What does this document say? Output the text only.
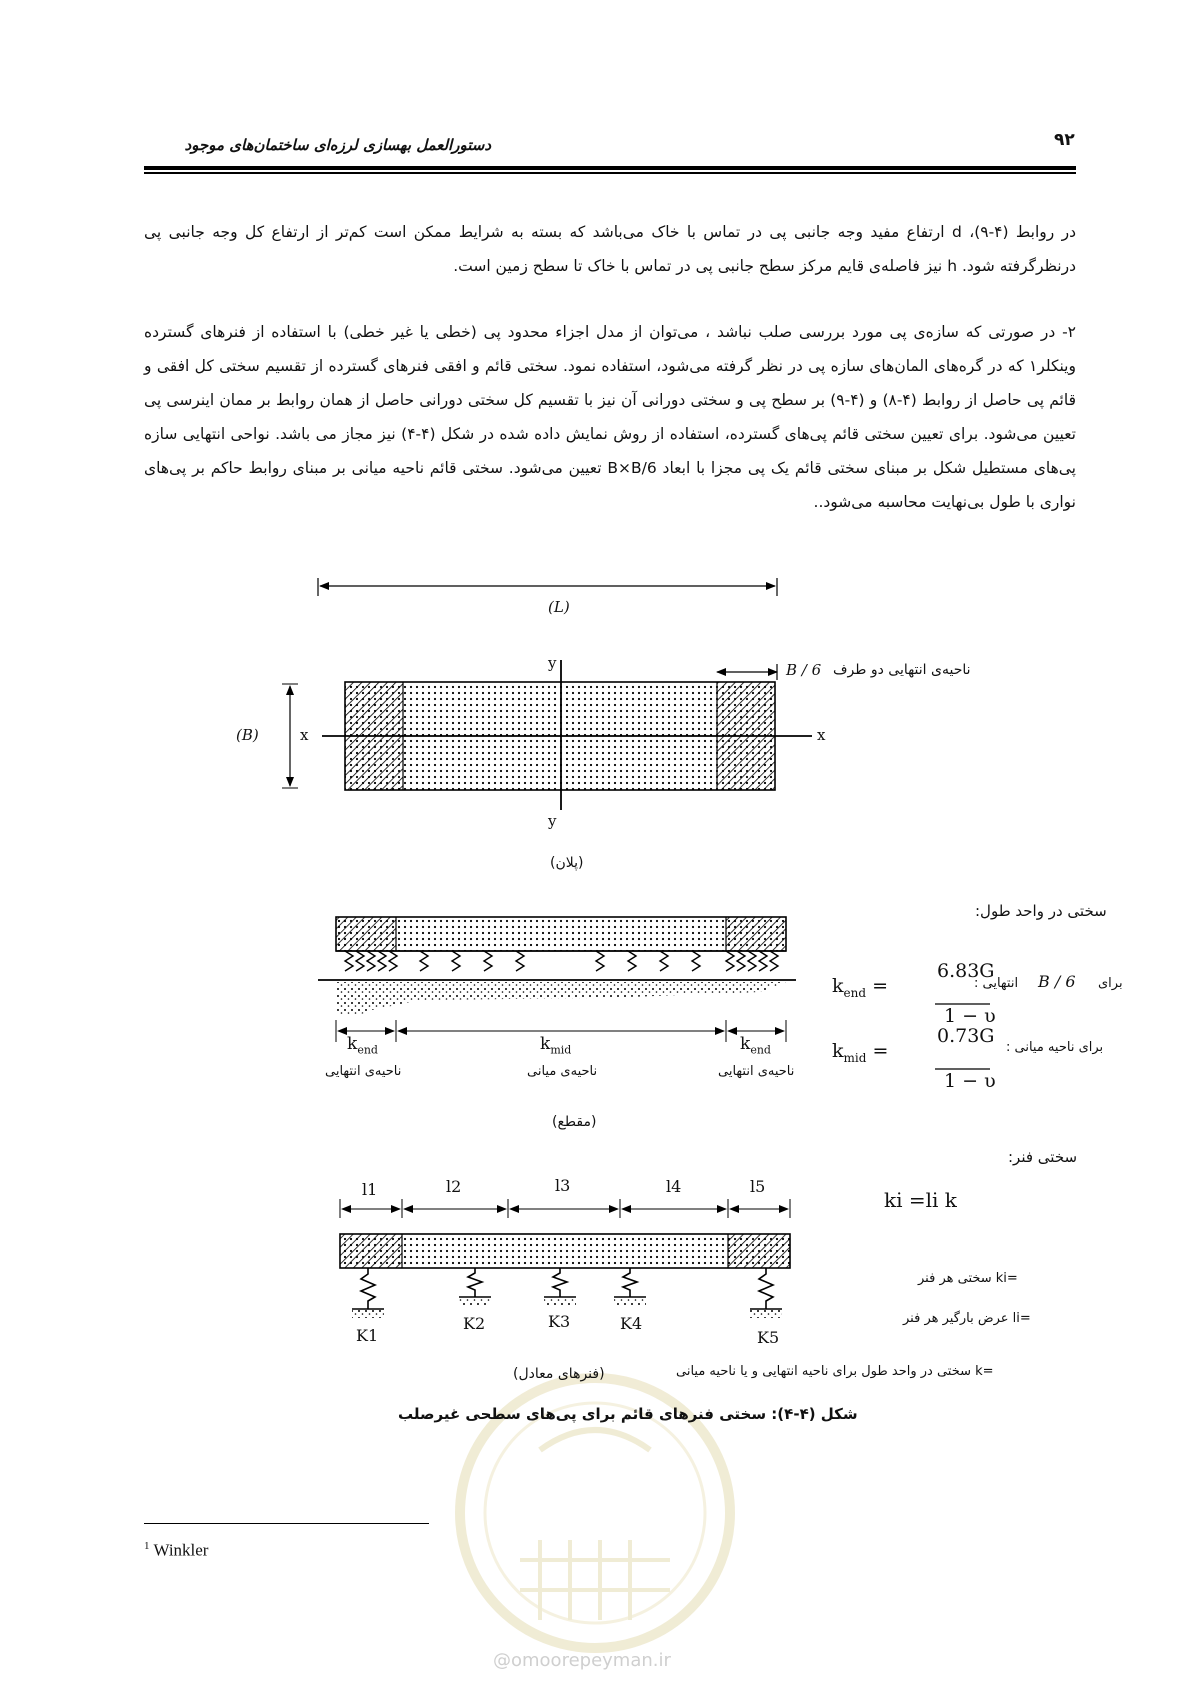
دستورالعمل بهسازی لرزه‌ای ساختمان‌های موجود	۹۲

در روابط (۴-۹)، d ارتفاع مفید وجه جانبی پی در تماس با خاک می‌باشد که بسته به شرایط ممکن است کم‌تر از ارتفاع کل وجه جانبی پی درنظرگرفته شود. h نیز فاصله‌ی قایم مرکز سطح جانبی پی در تماس با خاک تا سطح زمین است.

۲- در صورتی که سازه‌ی پی مورد بررسی صلب نباشد ، می‌توان از مدل اجزاء محدود پی (خطی یا غیر خطی) با استفاده از فنرهای گسترده وینکلر۱ که در گره‌های المان‌های سازه پی در نظر گرفته می‌شود، استفاده نمود. سختی قائم و افقی فنرهای گسترده از تقسیم سختی کل افقی و قائم پی حاصل از روابط (۴-۸) و (۴-۹) بر سطح پی و سختی دورانی آن نیز با تقسیم کل سختی دورانی حاصل از همان روابط بر ممان اینرسی پی تعیین می‌شود. برای تعیین سختی قائم پی‌های گسترده، استفاده از روش نمایش داده شده در شکل (۴-۴) نیز مجاز می باشد. نواحی انتهایی سازه پی‌های مستطیل شکل بر مبنای سختی قائم یک پی مجزا با ابعاد B×B/6 تعیین می‌شود. سختی قائم ناحیه میانی بر مبنای روابط حاکم بر پی‌های نواری با طول بی‌نهایت محاسبه می‌شود..

(L)
(B)
y
y
x	x
B / 6 ناحیه‌ی انتهایی دو طرف
(پلان)
سختی در واحد طول:
$k_{end}$	$k_{mid}$	$k_{end}$
ناحیه‌ی انتهایی	ناحیه‌ی میانی	ناحیه‌ی انتهایی
(مقطع)
$k_{end}$ =
6.83G
1 − υ
برای
B / 6
انتهایی :
$k_{mid}$ =
0.73G
1 − υ
برای ناحیه میانی :
سختی فنر:
l1	l2	l3	l4	l5
K1
K2	K3	K4
K5
ki =li k
=ki سختی هر فنر
=li عرض بارگیر هر فنر
=k سختی در واحد طول برای ناحیه انتهایی و یا ناحیه میانی
(فنرهای معادل)
شکل (۴-۴): سختی فنرهای قائم برای پی‌های سطحی غیرصلب
$^1$ Winkler
@omoorepeyman.ir
